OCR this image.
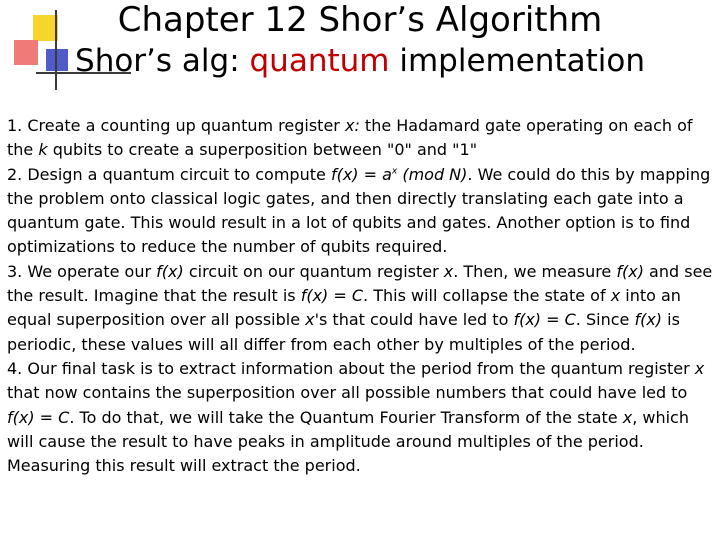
Chapter 12 Shor’s Algorithm
Shor’s alg: quantum implementation
1. Create a counting up quantum register x: the Hadamard gate operating on each of the k qubits to create a superposition between "0" and "1"
2. Design a quantum circuit to compute $f(x) = a^x$ (mod N). We could do this by mapping the problem onto classical logic gates, and then directly translating each gate into a quantum gate. This would result in a lot of qubits and gates. Another option is to find optimizations to reduce the number of qubits required.
3. We operate our f(x) circuit on our quantum register x. Then, we measure f(x) and see the result. Imagine that the result is f(x) = C. This will collapse the state of x into an equal superposition over all possible x's that could have led to f(x) = C. Since f(x) is periodic, these values will all differ from each other by multiples of the period.
4. Our final task is to extract information about the period from the quantum register x that now contains the superposition over all possible numbers that could have led to f(x) = C. To do that, we will take the Quantum Fourier Transform of the state x, which will cause the result to have peaks in amplitude around multiples of the period. Measuring this result will extract the period.
